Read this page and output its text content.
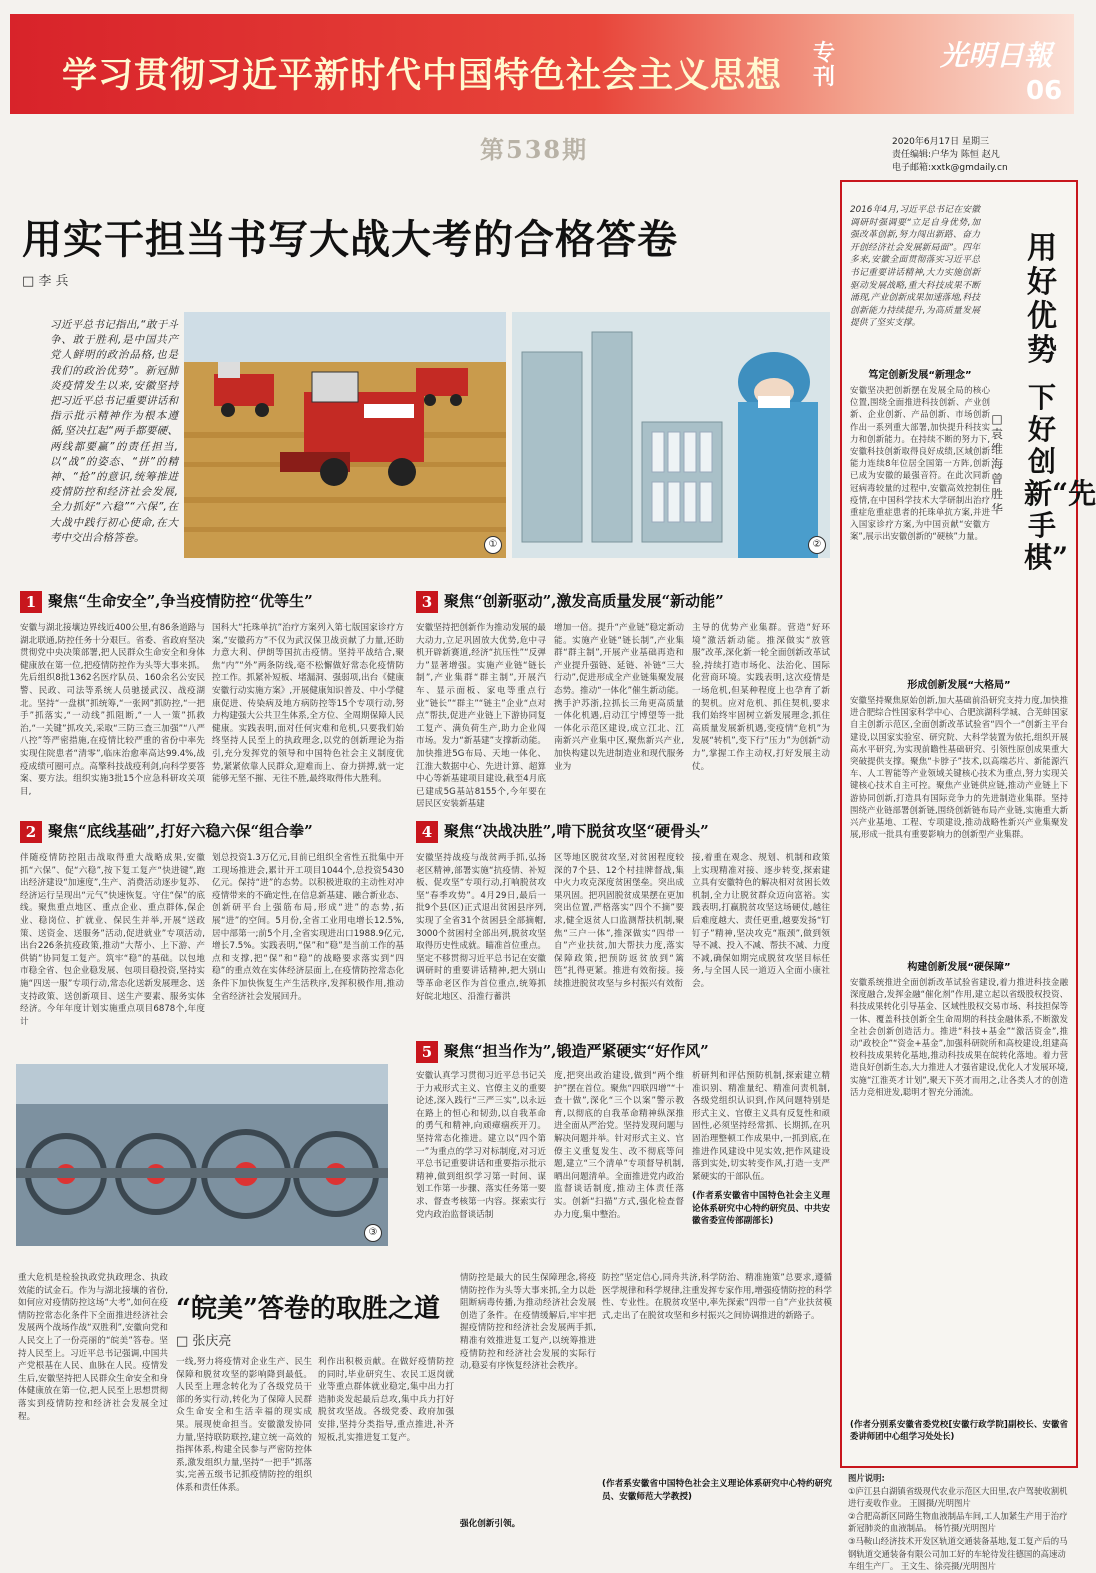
学习贯彻习近平新时代中国特色社会主义思想
专刊
光明日報
06
第538期	2020年6月17日 星期三
责任编辑:户华为 陈恒 赵凡
电子邮箱:xxtk@gmdaily.cn
用实干担当书写大战大考的合格答卷
□ 李 兵
习近平总书记指出,“敢于斗争、敢于胜利,是中国共产党人鲜明的政治品格,也是我们的政治优势”。新冠肺炎疫情发生以来,安徽坚持把习近平总书记重要讲话和指示批示精神作为根本遵循,坚决扛起“两手都要硬、两线都要赢”的责任担当,以“战”的姿态、“拼”的精神、“抢”的意识,统筹推进疫情防控和经济社会发展,全力抓好“六稳”“六保”,在大战中践行初心使命,在大考中交出合格答卷。
①	②
1 聚焦“生命安全”,争当疫情防控“优等生”
安徽与湖北接壤边界线近400公里,有86条道路与湖北联通,防控任务十分艰巨。省委、省政府坚决贯彻党中央决策部署,把人民群众生命安全和身体健康放在第一位,把疫情防控作为头等大事来抓。先后组织8批1362名医疗队员、160余名公安民警、民政、司法等系统人员驰援武汉、战疫湖北。坚持“一盘棋”抓统筹,“一张网”抓防控,“一把手”抓落实,“一动线”抓阻断,“一人一策”抓救治,“一关键”抓攻关,采取“三防三查三加强”“八严八控”等严密措施,在疫情比较严重的省份中率先实现住院患者“清零”,临床治愈率高达99.4%,战疫成绩可圈可点。高擎科技战疫利剑,向科学要答案、要方法。组织实施3批15个应急科研攻关项目,
国科大“托珠单抗”治疗方案列入第七版国家诊疗方案,“安徽药方”不仅为武汉保卫战贡献了力量,还助力意大利、伊朗等国抗击疫情。坚持平战结合,聚焦“内”“外”两条防线,毫不松懈做好常态化疫情防控工作。抓紧补短板、堵漏洞、强弱项,出台《健康安徽行动实施方案》,开展健康知识普及、中小学健康促进、传染病及地方病防控等15个专项行动,努力构建强大公共卫生体系,全方位、全周期保障人民健康。实践表明,面对任何灾难和危机,只要我们始终坚持人民至上的执政理念,以党的创新理论为指引,充分发挥党的领导和中国特色社会主义制度优势,紧紧依靠人民群众,迎难而上、奋力拼搏,就一定能够无坚不摧、无往不胜,最终取得伟大胜利。
2 聚焦“底线基础”,打好六稳六保“组合拳”
伴随疫情防控阻击战取得重大战略成果,安徽抓“六保”、促“六稳”,按下复工复产“快进键”,跑出经济建设“加速度”,生产、消费活动逐步复苏、经济运行呈现出“元气”快速恢复。守住“保”的底线。聚焦重点地区、重点企业、重点群体,保企业、稳岗位、扩就业、保民生并举,开展“送政策、送资金、送服务”活动,促进就业”专项活动,出台226条抗疫政策,推动“大帮小、上下游、产供销”协同复工复产。筑牢“稳”的基础。以包地市稳全省、包企业稳发展、包项目稳投资,坚持实施“四送一服”专项行动,常态化送新发展理念、送支持政策、送创新项目、送生产要素、服务实体经济。今年年度计划实施重点项目6878个,年度计
划总投资1.3万亿元,目前已组织全省性五批集中开工现场推进会,累计开工项目1044个,总投资5430亿元。保持“进”的态势。以积极进取的主动性对冲疫情带来的不确定性,在信息新基建、融合新业态、创新研平台上强筋布局,形成“进”的态势,拓展“进”的空间。5月份,全省工业用电增长12.5%,居中部第一;前5个月,全省实现进出口1988.9亿元,增长7.5%。实践表明,“保”和“稳”是当前工作的基点和支撑,把“保”和“稳”的战略要求落实到“四稳”的重点效在实体经济层面上,在疫情防控常态化条件下加快恢复生产生活秩序,发挥积极作用,推动全省经济社会发展回升。
③
3 聚焦“创新驱动”,激发高质量发展“新动能”
安徽坚持把创新作为推动发展的最大动力,立足巩固放大优势,危中寻机开辟新赛道,经济“抗压性”“反弹力”显著增强。实施产业链“链长制”,产业集群“群主制”,开展汽车、显示面板、家电等重点行业“链长”“群主”“链主”企业“点对点”帮扶,促进产业链上下游协同复工复产、满负荷生产,助力企业闯市场。发力“新基建”支撑新动能。加快推进5G布局、天地一体化、江淮大数据中心、先进计算、超算中心等新基建项目建设,截至4月底已建成5G基站8155个,今年要在居民区安装新基建
增加一倍。提升“产业链”稳定新动能。实施产业链“链长制”,产业集群“群主制”,开展产业基础再造和产业提升强链、延链、补链“三大行动”,促进形成全产业链集聚发展态势。推动“一体化”催生新动能。携手沪苏浙,拉抓长三角更高质量一体化机遇,启动江宁博望等一批一体化示范区建设,成立江北、江南新兴产业集中区,聚焦新兴产业,加快构建以先进制造业和现代服务业为
主导的优势产业集群。营造“好环境”激活新动能。推深做实“放管服”改革,深化新一轮全面创新改革试验,持续打造市场化、法治化、国际化营商环境。实践表明,这次疫情是一场危机,但某种程度上也孕育了新的契机。应对危机、抓住契机,要求我们始终牢固树立新发展理念,抓住高质量发展新机遇,变疫情“危机”为发展“转机”,变下行“压力”为创新“动力”,掌握工作主动权,打好发展主动仗。
4 聚焦“决战决胜”,啃下脱贫攻坚“硬骨头”
安徽坚持战疫与战贫两手抓,弘扬老区精神,部署实施“抗疫情、补短板、促攻坚”专项行动,打响脱贫攻坚“春季攻势”。4月29日,最后一批9个县(区)正式退出贫困县序列,实现了全省31个贫困县全部摘帽,3000个贫困村全部出列,脱贫攻坚取得历史性成就。瞄准首位重点。坚定不移贯彻习近平总书记在安徽调研时的重要讲话精神,把大别山等革命老区作为首位重点,统筹抓好皖北地区、沿淮行蓄洪
区等地区脱贫攻坚,对贫困程度较深的7个县、12个村挂牌督战,集中火力攻克深度贫困堡垒。突出成果巩固。把巩固脱贫成果摆在更加突出位置,严格落实“四个不摘”要求,健全返贫人口监测帮扶机制,聚焦“三户一体”,推深做实“四带一自”产业扶贫,加大帮扶力度,落实保障政策,把预防返贫放到“篱笆”扎得更紧。推进有效衔接。接续推进脱贫攻坚与乡村振兴有效衔
接,着重在观念、规划、机制和政策上实现精准对接、逐步转变,探索建立具有安徽特色的解决相对贫困长效机制,全力让脱贫群众迈向富裕。实践表明,打赢脱贫攻坚这场硬仗,越往后难度越大、责任更重,越要发扬“钉钉子”精神,坚决攻克“瓶颈”,做到领导不减、投入不减、帮扶不减、力度不减,确保如期完成脱贫攻坚目标任务,与全国人民一道迈入全面小康社会。
5 聚焦“担当作为”,锻造严紧硬实“好作风”
安徽认真学习贯彻习近平总书记关于力戒形式主义、官僚主义的重要论述,深入践行“三严三实”,以永远在路上的恒心和韧劲,以自我革命的勇气和精神,向顽瘴痼疾开刀。坚持常态化推进。建立以“四个第一”为重点的学习对标制度,对习近平总书记重要讲话和重要指示批示精神,做到组织学习第一时间、谋划工作第一步骤、落实任务第一要求、督查考核第一内容。探索实行党内政治监督谈话制
度,把突出政治建设,做到“两个维护”摆在首位。聚焦“四联四增”“十查十做”,深化“三个以案”警示教育,以彻底的自我革命精神纵深推进全面从严治党。坚持发现问题与解决问题并举。针对形式主义、官僚主义重复发生、改不彻底等问题,建立“三个清单”专项督导机制,晒出问题清单。全面推进党内政治监督谈话制度,推动主体责任落实。创新“扫描”方式,强化检查督办力度,集中整治。
析研判和评估预防机制,探索建立精准识别、精准量纪、精准问责机制,各级党组织认识到,作风问题特别是形式主义、官僚主义具有反复性和顽固性,必须坚持经常抓、长期抓,在巩固治理整顿工作成果中,一抓到底,在推进作风建设中见实效,把作风建设落到实处,切实转变作风,打造一支严紧硬实的干部队伍。
(作者系安徽省中国特色社会主义理论体系研究中心特约研究员、中共安徽省委宣传部副部长)
2016年4月,习近平总书记在安徽调研时强调要“立足自身优势,加强改革创新,努力闯出新路、奋力开创经济社会发展新局面”。四年多来,安徽全面贯彻落实习近平总书记重要讲话精神,大力实施创新驱动发展战略,重大科技成果不断涌现,产业创新成果加速落地,科技创新能力持续提升,为高质量发展提供了坚实支撑。
用好优势
下好创新“先手棋”
□ 袁维海 曾胜华
笃定创新发展“新理念”
安徽坚决把创新摆在发展全局的核心位置,围绕全面推进科技创新、产业创新、企业创新、产品创新、市场创新作出一系列重大部署,加快提升科技实力和创新能力。在持续不断的努力下,安徽科技创新取得良好成绩,区域创新能力连续8年位居全国第一方阵,创新已成为安徽的最强音符。在此次同新冠病毒较量的过程中,安徽高效控制住疫情,在中国科学技术大学研制出治疗重症危重症患者的托珠单抗方案,并进入国家诊疗方案,为中国贡献“安徽方案”,展示出安徽创新的“硬核”力量。
形成创新发展“大格局”
安徽坚持聚焦原始创新,加大基础前沿研究支持力度,加快推进合肥综合性国家科学中心、合肥滨湖科学城、合芜蚌国家自主创新示范区,全面创新改革试验省“四个一”创新主平台建设,以国家实验室、研究院、大科学装置为依托,组织开展高水平研究,为实现前瞻性基础研究、引领性原创成果重大突破提供支撑。聚焦“卡脖子”技术,以高端芯片、新能源汽车、人工智能等产业领域关键核心技术为重点,努力实现关键核心技术自主可控。聚焦产业链供应链,推动产业链上下游协同创新,打造具有国际竞争力的先进制造业集群。坚持围绕产业链部署创新链,围绕创新链布局产业链,实施重大新兴产业基地、工程、专项建设,推动战略性新兴产业集聚发展,形成一批具有重要影响力的创新型产业集群。
构建创新发展“硬保障”
安徽系统推进全面创新改革试验省建设,着力推进科技金融深度融合,发挥金融“催化剂”作用,建立起以省级股权投资、科技成果转化引导基金、区域性股权交易市场、科技担保等一体、覆盖科技创新全生命周期的科技金融体系,不断激发全社会创新创造活力。推进“科技+基金”“激活资金”,推动“政校企”“资金+基金”,加强科研院所和高校建设,组建高校科技成果转化基地,推动科技成果在皖转化落地。着力营造良好创新生态,大力推进人才强省建设,优化人才发展环境,实施“江淮英才计划”,聚天下英才而用之,让各类人才的创造活力竞相迸发,聪明才智充分涌流。
(作者分别系安徽省委党校[安徽行政学院]副校长、安徽省委讲师团中心组学习处处长)
重大危机是检验执政党执政理念、执政效能的试金石。作为与湖北接壤的省份,如何应对疫情防控这场“大考”,如何在疫情防控常态化条件下全面推进经济社会发展两个战场作战“双胜利”,安徽向党和人民交上了一份亮丽的“皖美”答卷。坚持人民至上。习近平总书记强调,中国共产党根基在人民、血脉在人民。疫情发生后,安徽坚持把人民群众生命安全和身体健康放在第一位,把人民至上思想贯彻落实到疫情防控和经济社会发展全过程。
“皖美”答卷的取胜之道
□ 张庆亮
一线,努力将疫情对企业生产、民生保障和脱贫攻坚的影响降到最低。人民至上理念转化为了各级党员干部的务实行动,转化为了保障人民群众生命安全和生活幸福的现实成果。展现使命担当。安徽激发协同力量,坚持联防联控,建立统一高效的指挥体系,构建全民参与严密防控体系,激发组织力量,坚持“一把手”抓落实,完善五级书记抓疫情防控的组织体系和责任体系。
利作出积极贡献。在做好疫情防控的同时,毕业研究生、农民工返岗就业等重点群体就业稳定,集中出力打造肺炎发起最后总攻,集中兵力打好脱贫攻坚战。各级党委、政府加强安排,坚持分类指导,重点推进,补齐短板,扎实推进复工复产。
情防控是最大的民生保障理念,将疫情防控作为头等大事来抓,全力以赴阻断病毒传播,为推动经济社会发展创造了条件。在疫情缓解后,牢牢把握疫情防控和经济社会发展两手抓,精准有效推进复工复产,以统筹推进疫情防控和经济社会发展的实际行动,稳妥有序恢复经济社会秩序。
防控”坚定信心,同舟共济,科学防治、精准施策”总要求,遵循医学规律和科学规律,注重发挥专家作用,增强疫情防控的科学性、专业性。在脱贫攻坚中,率先探索“四带一自”产业扶贫模式,走出了在脱贫攻坚和乡村振兴之间协调推进的新路子。
(作者系安徽省中国特色社会主义理论体系研究中心特约研究员、安徽师范大学教授)
强化创新引领。
图片说明:
①庐江县白湖镇省级现代农业示范区大田里,农户驾驶收割机进行麦收作业。 王圆摄/光明图片
②合肥高新区同路生物血液制品车间,工人加紧生产用于治疗新冠肺炎的血液制品。 杨竹摄/光明图片
③马鞍山经济技术开发区轨道交通装备基地,复工复产后的马钢轨道交通装备有限公司加工好的车轮待发往德国的高速动车组生产厂。 王文生、徐亮摄/光明图片
